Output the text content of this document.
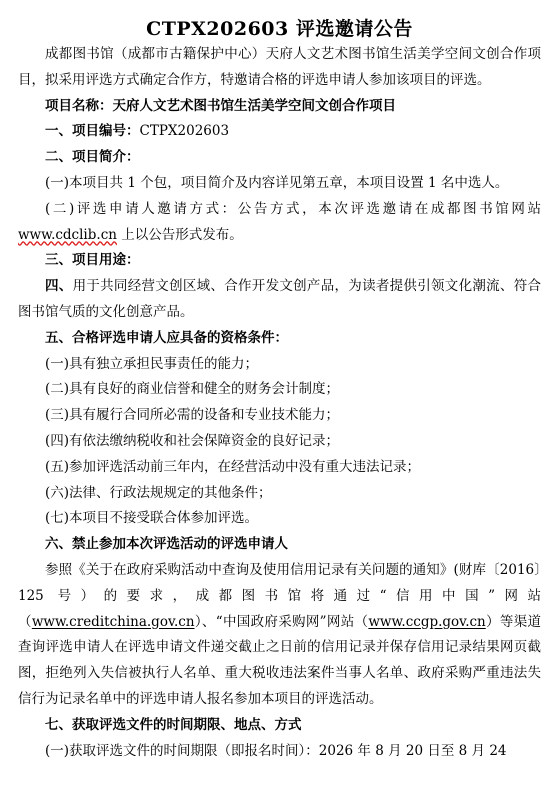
CTPX202603 评选邀请公告

成都图书馆（成都市古籍保护中心）天府人文艺术图书馆生活美学空间文创合作项目，拟采用评选方式确定合作方，特邀请合格的评选申请人参加该项目的评选。

项目名称：天府人文艺术图书馆生活美学空间文创合作项目

一、项目编号：CTPX202603

二、项目简介：

(一)本项目共 1 个包，项目简介及内容详见第五章，本项目设置 1 名中选人。

(二)评选申请人邀请方式：公告方式，本次评选邀请在成都图书馆网站www.cdclib.cn 上以公告形式发布。

三、项目用途：

四、用于共同经营文创区域、合作开发文创产品，为读者提供引领文化潮流、符合图书馆气质的文化创意产品。

五、合格评选申请人应具备的资格条件：

(一)具有独立承担民事责任的能力；

(二)具有良好的商业信誉和健全的财务会计制度；

(三)具有履行合同所必需的设备和专业技术能力；

(四)有依法缴纳税收和社会保障资金的良好记录；

(五)参加评选活动前三年内，在经营活动中没有重大违法记录；

(六)法律、行政法规规定的其他条件；

(七)本项目不接受联合体参加评选。

六、禁止参加本次评选活动的评选申请人

参照《关于在政府采购活动中查询及使用信用记录有关问题的通知》(财库〔2016〕125 号）的要求，成都图书馆将通过“信用中国”网站（www.creditchina.gov.cn）、“中国政府采购网”网站（www.ccgp.gov.cn）等渠道查询评选申请人在评选申请文件递交截止之日前的信用记录并保存信用记录结果网页截图，拒绝列入失信被执行人名单、重大税收违法案件当事人名单、政府采购严重违法失信行为记录名单中的评选申请人报名参加本项目的评选活动。

七、获取评选文件的时间期限、地点、方式

(一)获取评选文件的时间期限（即报名时间）：2026 年 8 月 20 日至 8 月 24
